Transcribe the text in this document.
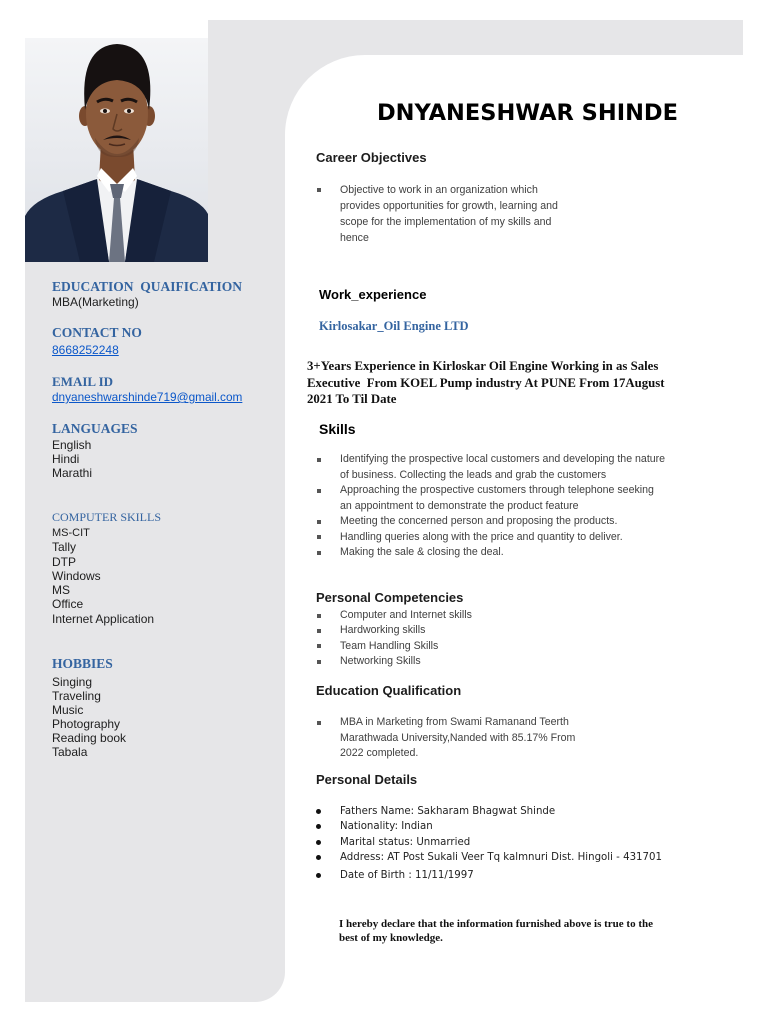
EDUCATION  QUAIFICATION
MBA(Marketing)
CONTACT NO
8668252248
EMAIL ID
dnyaneshwarshinde719@gmail.com
LANGUAGES
English
Hindi
Marathi
COMPUTER SKILLS
MS-CIT
Tally
DTP
Windows
MS
Office
Internet Application
HOBBIES
Singing
Traveling
Music
Photography
Reading book
Tabala
DNYANESHWAR SHINDE
Career Objectives
Objective to work in an organization which
provides opportunities for growth, learning and
scope for the implementation of my skills and
hence
Work_experience
Kirlosakar_Oil Engine LTD
3+Years Experience in Kirloskar Oil Engine Working in as Sales
Executive  From KOEL Pump industry At PUNE From 17August
2021 To Til Date
Skills
Identifying the prospective local customers and developing the nature
of business. Collecting the leads and grab the customers
Approaching the prospective customers through telephone seeking
an appointment to demonstrate the product feature
Meeting the concerned person and proposing the products.
Handling queries along with the price and quantity to deliver.
Making the sale & closing the deal.
Personal Competencies
Computer and Internet skills
Hardworking skills
Team Handling Skills
Networking Skills
Education Qualification
MBA in Marketing from Swami Ramanand Teerth
Marathwada University,Nanded with 85.17% From
2022 completed.
Personal Details
Fathers Name: Sakharam Bhagwat Shinde
Nationality: Indian
Marital status: Unmarried
Address: AT Post Sukali Veer Tq kalmnuri Dist. Hingoli - 431701
Date of Birth : 11/11/1997
I hereby declare that the information furnished above is true to the
best of my knowledge.
